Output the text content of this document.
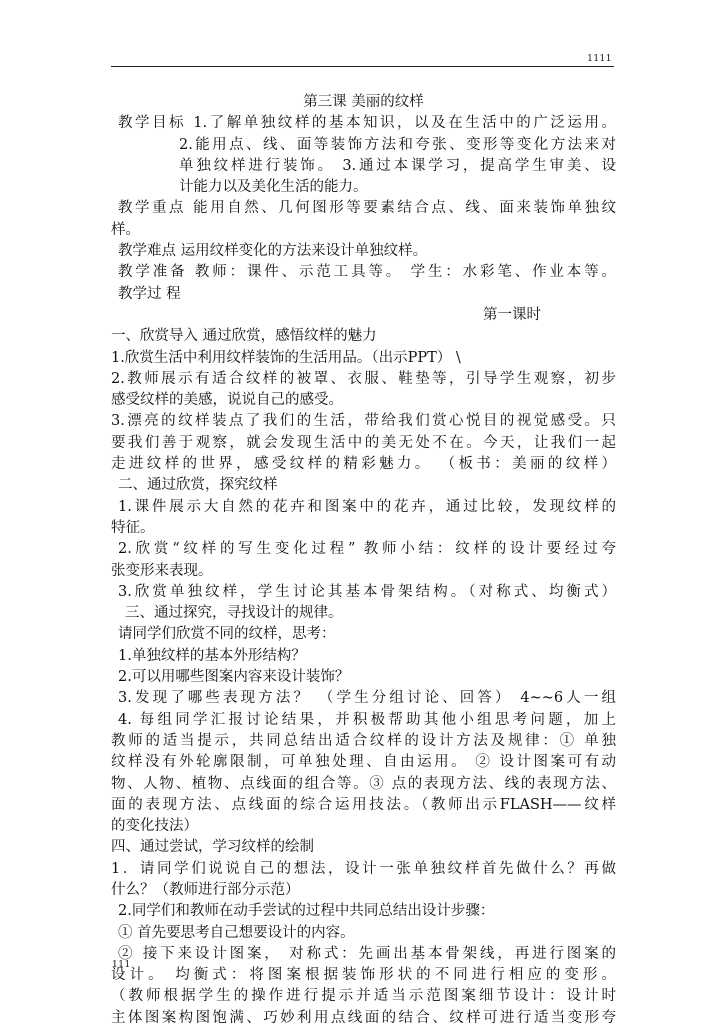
1111
第三课 美丽的纹样
教学目标 1.了解单独纹样的基本知识，以及在生活中的广泛运用。
2.能用点、线、面等装饰方法和夸张、变形等变化方法来对
单独纹样进行装饰。 3.通过本课学习，提高学生审美、设
计能力以及美化生活的能力。
教学重点 能用自然、几何图形等要素结合点、线、面来装饰单独纹
样。
教学难点 运用纹样变化的方法来设计单独纹样。
教学准备 教师：课件、示范工具等。 学生：水彩笔、作业本等。
教学过 程
第一课时
一、欣赏导入 通过欣赏，感悟纹样的魅力
1.欣赏生活中利用纹样装饰的生活用品。（出示PPT） \
2.教师展示有适合纹样的被罩、衣服、鞋垫等，引导学生观察，初步
感受纹样的美感，说说自己的感受。
3.漂亮的纹样装点了我们的生活，带给我们赏心悦目的视觉感受。只
要我们善于观察，就会发现生活中的美无处不在。今天，让我们一起
走进纹样的世界，感受纹样的精彩魅力。 （板书：美丽的纹样）
二、通过欣赏，探究纹样
1.课件展示大自然的花卉和图案中的花卉，通过比较，发现纹样的
特征。
2.欣赏“纹样的写生变化过程” 教师小结：纹样的设计要经过夸
张变形来表现。
3.欣赏单独纹样，学生讨论其基本骨架结构。（对称式、均衡式）
三、通过探究，寻找设计的规律。
请同学们欣赏不同的纹样，思考：
1.单独纹样的基本外形结构？
2.可以用哪些图案内容来设计装饰？
3.发现了哪些表现方法？ （学生分组讨论、回答） 4~~6人一组
4. 每组同学汇报讨论结果，并积极帮助其他小组思考问题，加上
教师的适当提示，共同总结出适合纹样的设计方法及规律：① 单独
纹样没有外轮廓限制，可单独处理、自由运用。 ② 设计图案可有动
物、人物、植物、点线面的组合等。③ 点的表现方法、线的表现方法、
面的表现方法、点线面的综合运用技法。（教师出示FLASH——纹样
的变化技法）
四、通过尝试，学习纹样的绘制
1．请同学们说说自己的想法，设计一张单独纹样首先做什么？再做
什么？（教师进行部分示范）
2.同学们和教师在动手尝试的过程中共同总结出设计步骤：
① 首先要思考自己想要设计的内容。
② 接下来设计图案， 对称式：先画出基本骨架线，再进行图案的
设计。 均衡式：将图案根据装饰形状的不同进行相应的变形。
（教师根据学生的操作进行提示并适当示范图案细节设计：设计时
主体图案构图饱满、巧妙利用点线面的结合、纹样可进行适当变形夸
111
